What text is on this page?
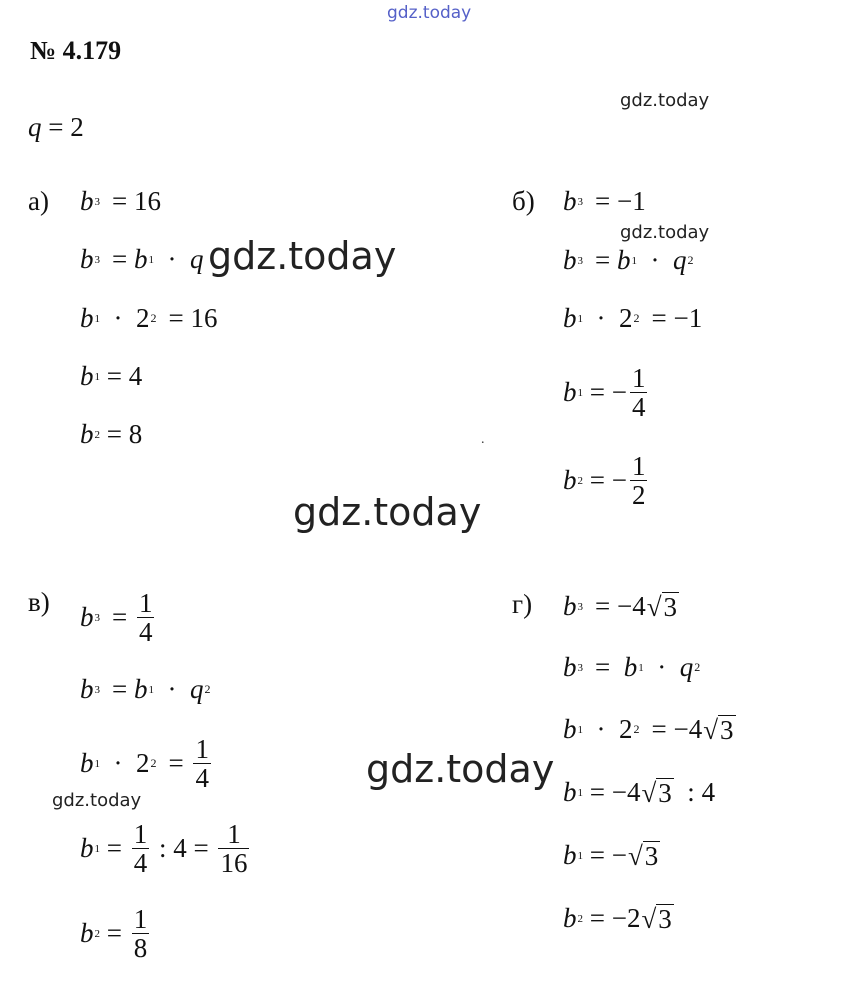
gdz.today
gdz.today
gdz.today
gdz.today
gdz.today
gdz.today
gdz.today
№ 4.179
q = 2
а) b 3 =
16
b 3 =
b 1
·
q
b 1
·
2 2 =
16
b 1
=
4
b 2
=
8
б) b 3 =
−1
b 3 =
b 1
·
q 2
b 1
·
2 2 =
−1
b 1
=
− $\frac{1}{4}$
b 2
=
− $\frac{1}{2}$
.
в) b 3 =
$\frac{1}{4}$
b 3 =
b 1
·
q 2
b 1
·
2 2 =
$\frac{1}{4}$
b 1
=
$\frac{1}{4}$
:
4
=
$\frac{1}{16}$
b 2
=
$\frac{1}{8}$
г) b 3 =
−4 √ 3
b 3 =
b 1
·
q 2
b 1
·
2 2 =
−4 √ 3
b 1
=
−4 √ 3
:
4
b 1
=
− √ 3
b 2
=
−2 √ 3
